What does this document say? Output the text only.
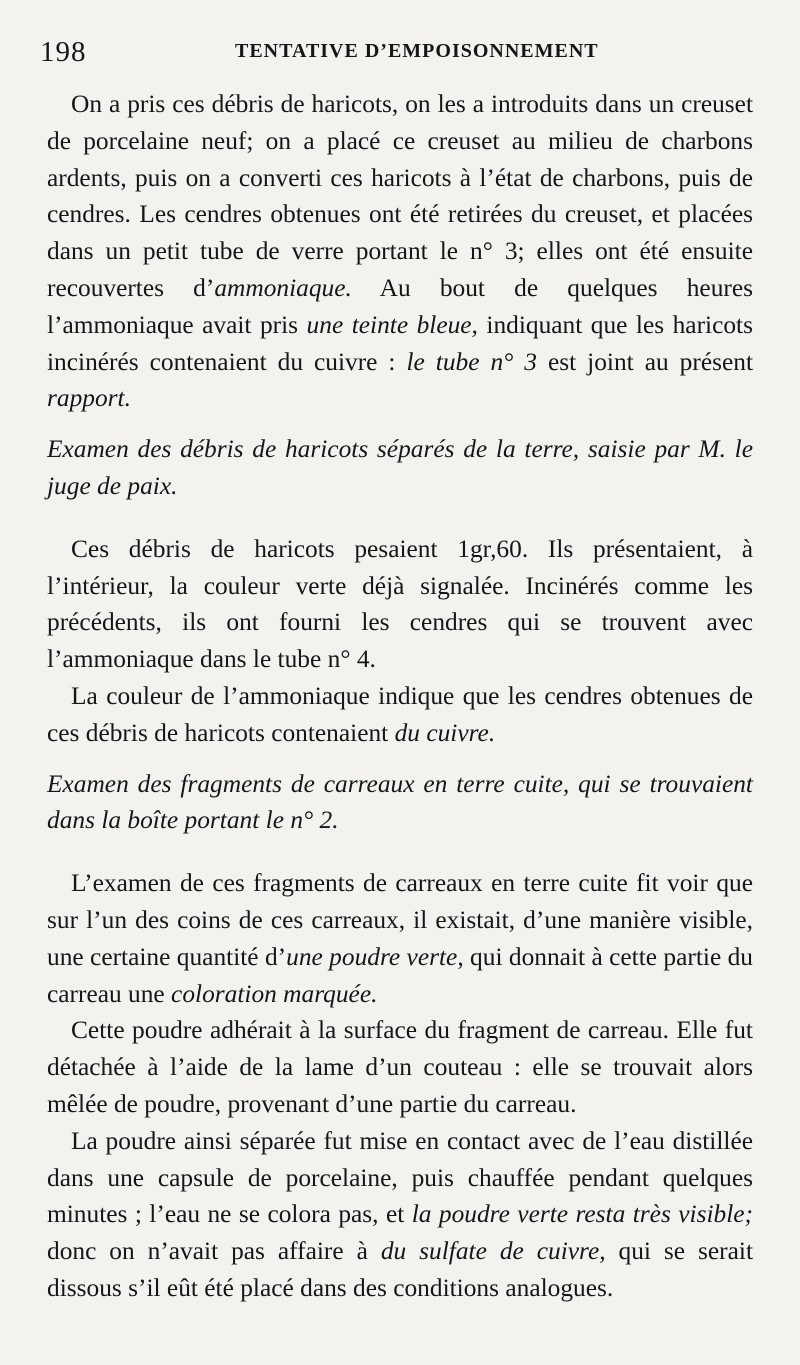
198	TENTATIVE D’EMPOISONNEMENT

On a pris ces débris de haricots, on les a introduits dans un creuset de porcelaine neuf; on a placé ce creuset au milieu de charbons ardents, puis on a converti ces haricots à l’état de charbons, puis de cendres. Les cendres obtenues ont été retirées du creuset, et placées dans un petit tube de verre portant le n° 3; elles ont été ensuite recouvertes d’ammoniaque. Au bout de quelques heures l’ammoniaque avait pris une teinte bleue, indiquant que les haricots incinérés contenaient du cuivre : le tube n° 3 est joint au présent rapport.

Examen des débris de haricots séparés de la terre, saisie par M. le juge de paix.

Ces débris de haricots pesaient 1gr,60. Ils présentaient, à l’intérieur, la couleur verte déjà signalée. Incinérés comme les précédents, ils ont fourni les cendres qui se trouvent avec l’ammoniaque dans le tube n° 4.

La couleur de l’ammoniaque indique que les cendres obtenues de ces débris de haricots contenaient du cuivre.

Examen des fragments de carreaux en terre cuite, qui se trouvaient dans la boîte portant le n° 2.

L’examen de ces fragments de carreaux en terre cuite fit voir que sur l’un des coins de ces carreaux, il existait, d’une manière visible, une certaine quantité d’une poudre verte, qui donnait à cette partie du carreau une coloration marquée.

Cette poudre adhérait à la surface du fragment de carreau. Elle fut détachée à l’aide de la lame d’un couteau : elle se trouvait alors mêlée de poudre, provenant d’une partie du carreau.

La poudre ainsi séparée fut mise en contact avec de l’eau distillée dans une capsule de porcelaine, puis chauffée pendant quelques minutes ; l’eau ne se colora pas, et la poudre verte resta très visible; donc on n’avait pas affaire à du sulfate de cuivre, qui se serait dissous s’il eût été placé dans des conditions analogues.
